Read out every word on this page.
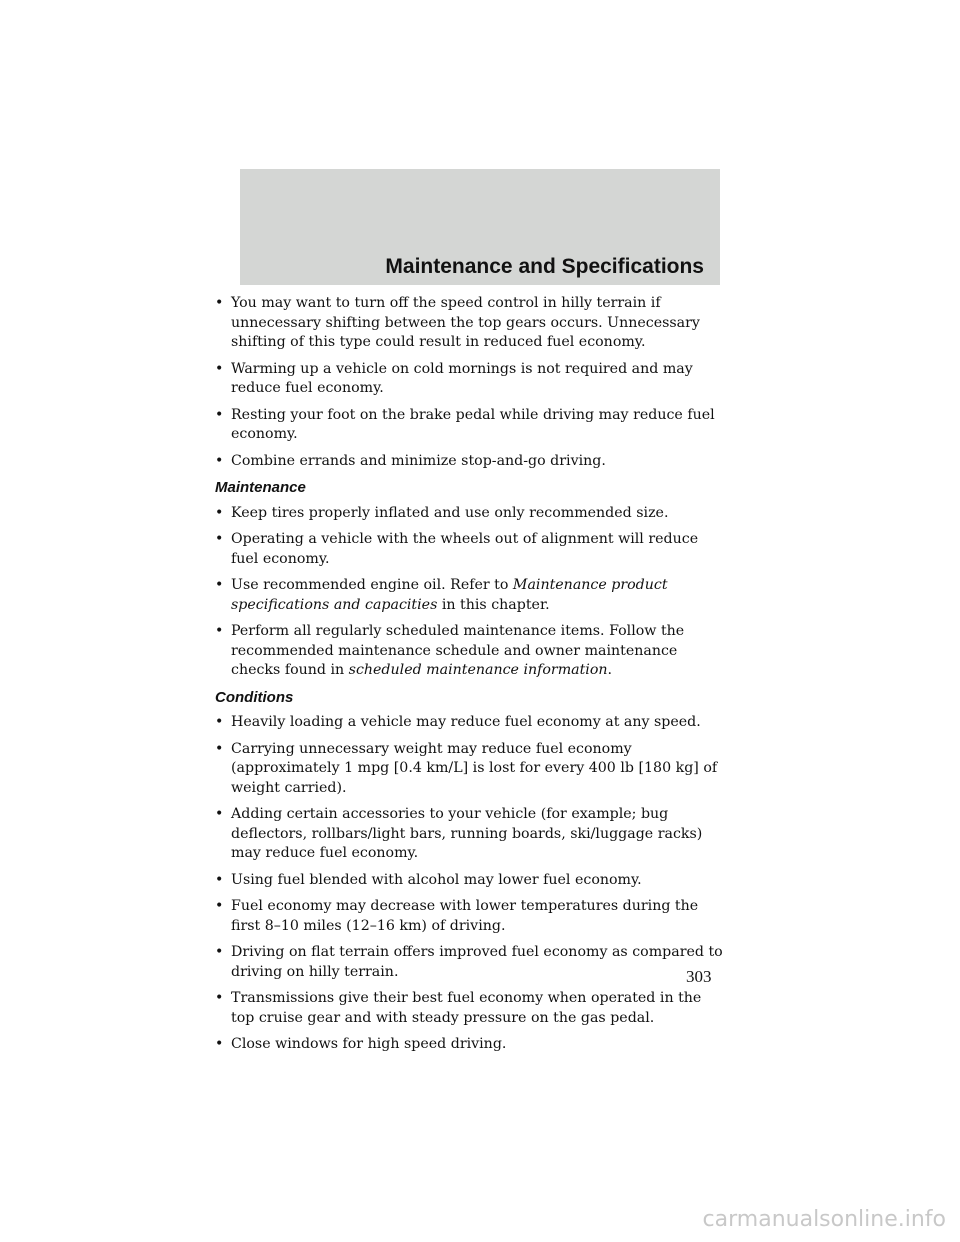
Maintenance and Specifications
• You may want to turn off the speed control in hilly terrain if unnecessary shifting between the top gears occurs. Unnecessary shifting of this type could result in reduced fuel economy.
• Warming up a vehicle on cold mornings is not required and may reduce fuel economy.
• Resting your foot on the brake pedal while driving may reduce fuel economy.
• Combine errands and minimize stop-and-go driving.
Maintenance
• Keep tires properly inflated and use only recommended size.
• Operating a vehicle with the wheels out of alignment will reduce fuel economy.
• Use recommended engine oil. Refer to Maintenance product specifications and capacities in this chapter.
• Perform all regularly scheduled maintenance items. Follow the recommended maintenance schedule and owner maintenance checks found in scheduled maintenance information.
Conditions
• Heavily loading a vehicle may reduce fuel economy at any speed.
• Carrying unnecessary weight may reduce fuel economy (approximately 1 mpg [0.4 km/L] is lost for every 400 lb [180 kg] of weight carried).
• Adding certain accessories to your vehicle (for example; bug deflectors, rollbars/light bars, running boards, ski/luggage racks) may reduce fuel economy.
• Using fuel blended with alcohol may lower fuel economy.
• Fuel economy may decrease with lower temperatures during the first 8–10 miles (12–16 km) of driving.
• Driving on flat terrain offers improved fuel economy as compared to driving on hilly terrain.
• Transmissions give their best fuel economy when operated in the top cruise gear and with steady pressure on the gas pedal.
• Close windows for high speed driving.
303
carmanualsonline.info
